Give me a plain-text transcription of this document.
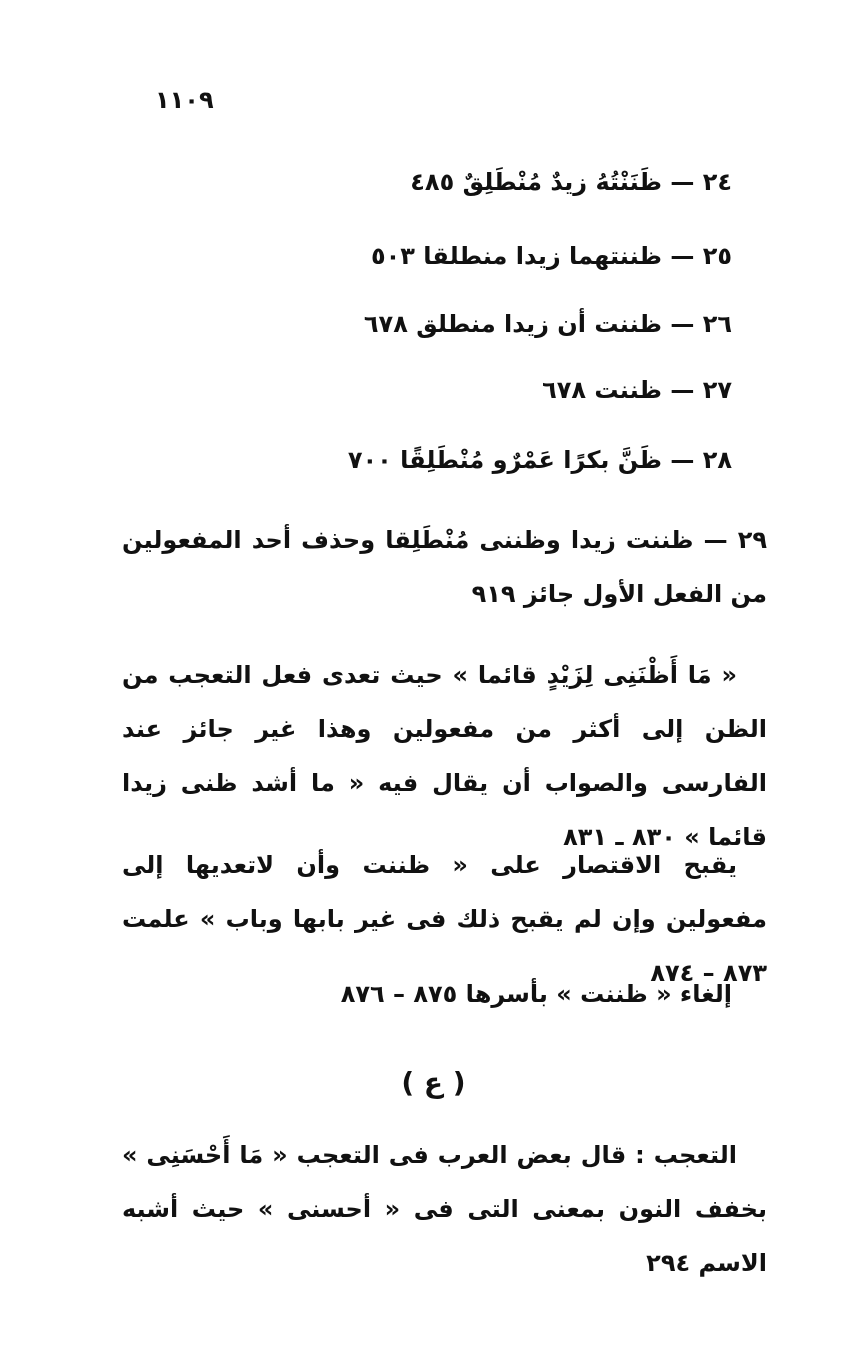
١١٠٩
٢٤ — ظَنَنْتُهُ زيدٌ مُنْطَلِقٌ ٤٨٥
٢٥ — ظننتهما زيدا منطلقا ٥٠٣
٢٦ — ظننت أن زيدا منطلق ٦٧٨
٢٧ — ظننت ٦٧٨
٢٨ — ظَنَّ بكرًا عَمْرٌو مُنْطَلِقًا ٧٠٠
٢٩ — ظننت زيدا وظننى مُنْطَلِقا وحذف أحد المفعولين من الفعل الأول جائز ٩١٩
« مَا أَظْنَنِى لِزَيْدٍ قائما » حيث تعدى فعل التعجب من الظن إلى أكثر من مفعولين وهذا غير جائز عند الفارسى والصواب أن يقال فيه « ما أشد ظنى زيدا قائما » ٨٣٠ ـ ٨٣١
يقبح الاقتصار على « ظننت وأن لاتعديها إلى مفعولين وإن لم يقبح ذلك فى غير بابها وباب » علمت ٨٧٣ – ٨٧٤
إلغاء « ظننت » بأسرها ٨٧٥ – ٨٧٦
( ع )
التعجب : قال بعض العرب فى التعجب « مَا أَحْسَنِى » بخفف النون بمعنى التى فى « أحسنى » حيث أشبه الاسم ٢٩٤
